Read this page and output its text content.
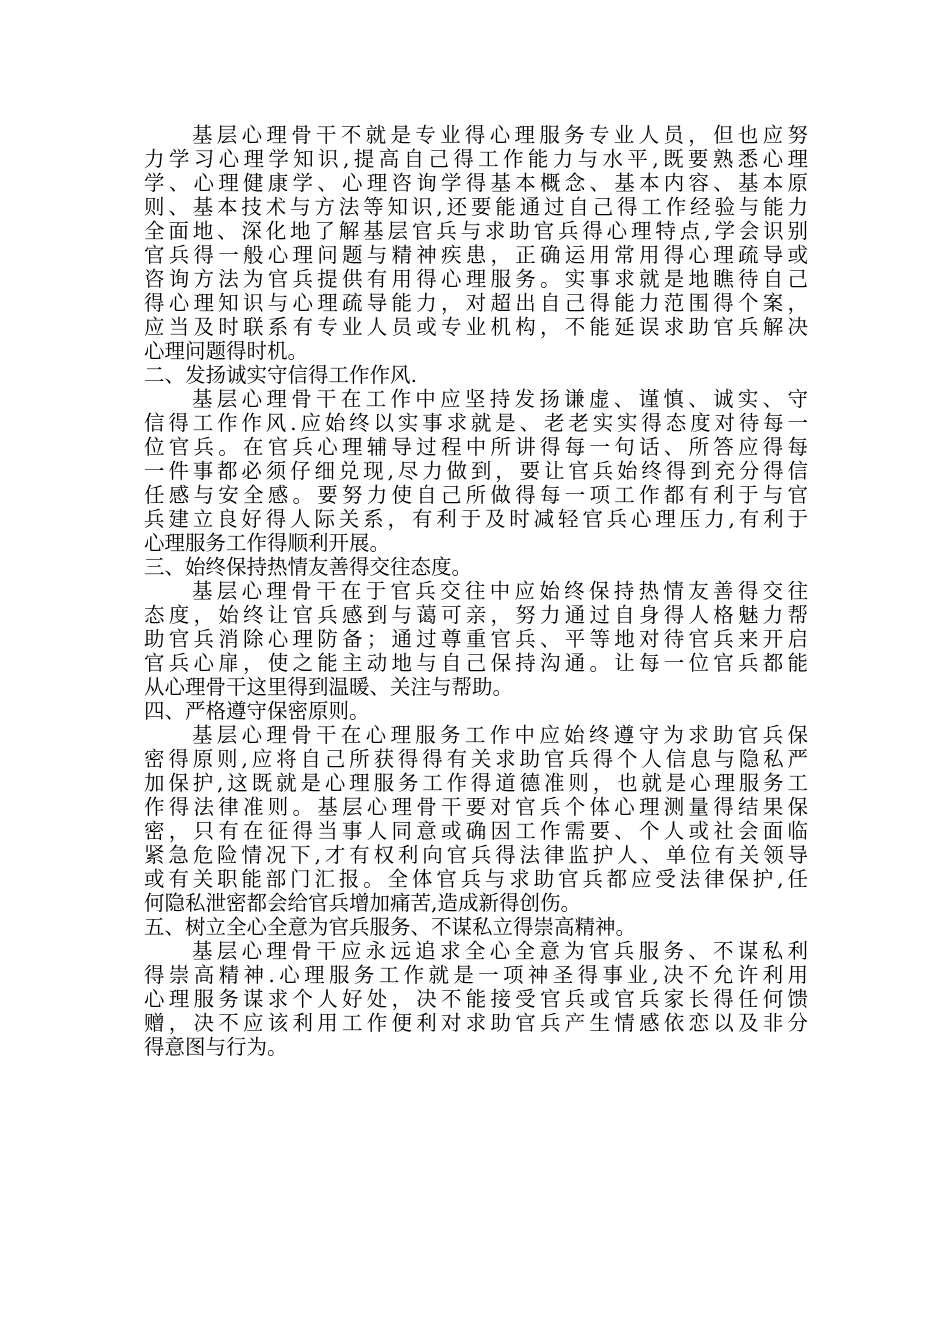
基层心理骨干不就是专业得心理服务专业人员，但也应努
力学习心理学知识,提高自己得工作能力与水平,既要熟悉心理
学、心理健康学、心理咨询学得基本概念、基本内容、基本原
则、基本技术与方法等知识,还要能通过自己得工作经验与能力
全面地、深化地了解基层官兵与求助官兵得心理特点,学会识别
官兵得一般心理问题与精神疾患，正确运用常用得心理疏导或
咨询方法为官兵提供有用得心理服务。实事求就是地瞧待自己
得心理知识与心理疏导能力，对超出自己得能力范围得个案，
应当及时联系有专业人员或专业机构，不能延误求助官兵解决
心理问题得时机。
二、发扬诚实守信得工作作风.
基层心理骨干在工作中应坚持发扬谦虚、谨慎、诚实、守
信得工作作风.应始终以实事求就是、老老实实得态度对待每一
位官兵。在官兵心理辅导过程中所讲得每一句话、所答应得每
一件事都必须仔细兑现,尽力做到，要让官兵始终得到充分得信
任感与安全感。要努力使自己所做得每一项工作都有利于与官
兵建立良好得人际关系，有利于及时减轻官兵心理压力,有利于
心理服务工作得顺利开展。
三、始终保持热情友善得交往态度。
基层心理骨干在于官兵交往中应始终保持热情友善得交往
态度，始终让官兵感到与蔼可亲，努力通过自身得人格魅力帮
助官兵消除心理防备；通过尊重官兵、平等地对待官兵来开启
官兵心扉，使之能主动地与自己保持沟通。让每一位官兵都能
从心理骨干这里得到温暖、关注与帮助。
四、严格遵守保密原则。
基层心理骨干在心理服务工作中应始终遵守为求助官兵保
密得原则,应将自己所获得得有关求助官兵得个人信息与隐私严
加保护,这既就是心理服务工作得道德准则，也就是心理服务工
作得法律准则。基层心理骨干要对官兵个体心理测量得结果保
密，只有在征得当事人同意或确因工作需要、个人或社会面临
紧急危险情况下,才有权利向官兵得法律监护人、单位有关领导
或有关职能部门汇报。全体官兵与求助官兵都应受法律保护,任
何隐私泄密都会给官兵增加痛苦,造成新得创伤。
五、树立全心全意为官兵服务、不谋私立得崇高精神。
基层心理骨干应永远追求全心全意为官兵服务、不谋私利
得崇高精神.心理服务工作就是一项神圣得事业,决不允许利用
心理服务谋求个人好处，决不能接受官兵或官兵家长得任何馈
赠，决不应该利用工作便利对求助官兵产生情感依恋以及非分
得意图与行为。
